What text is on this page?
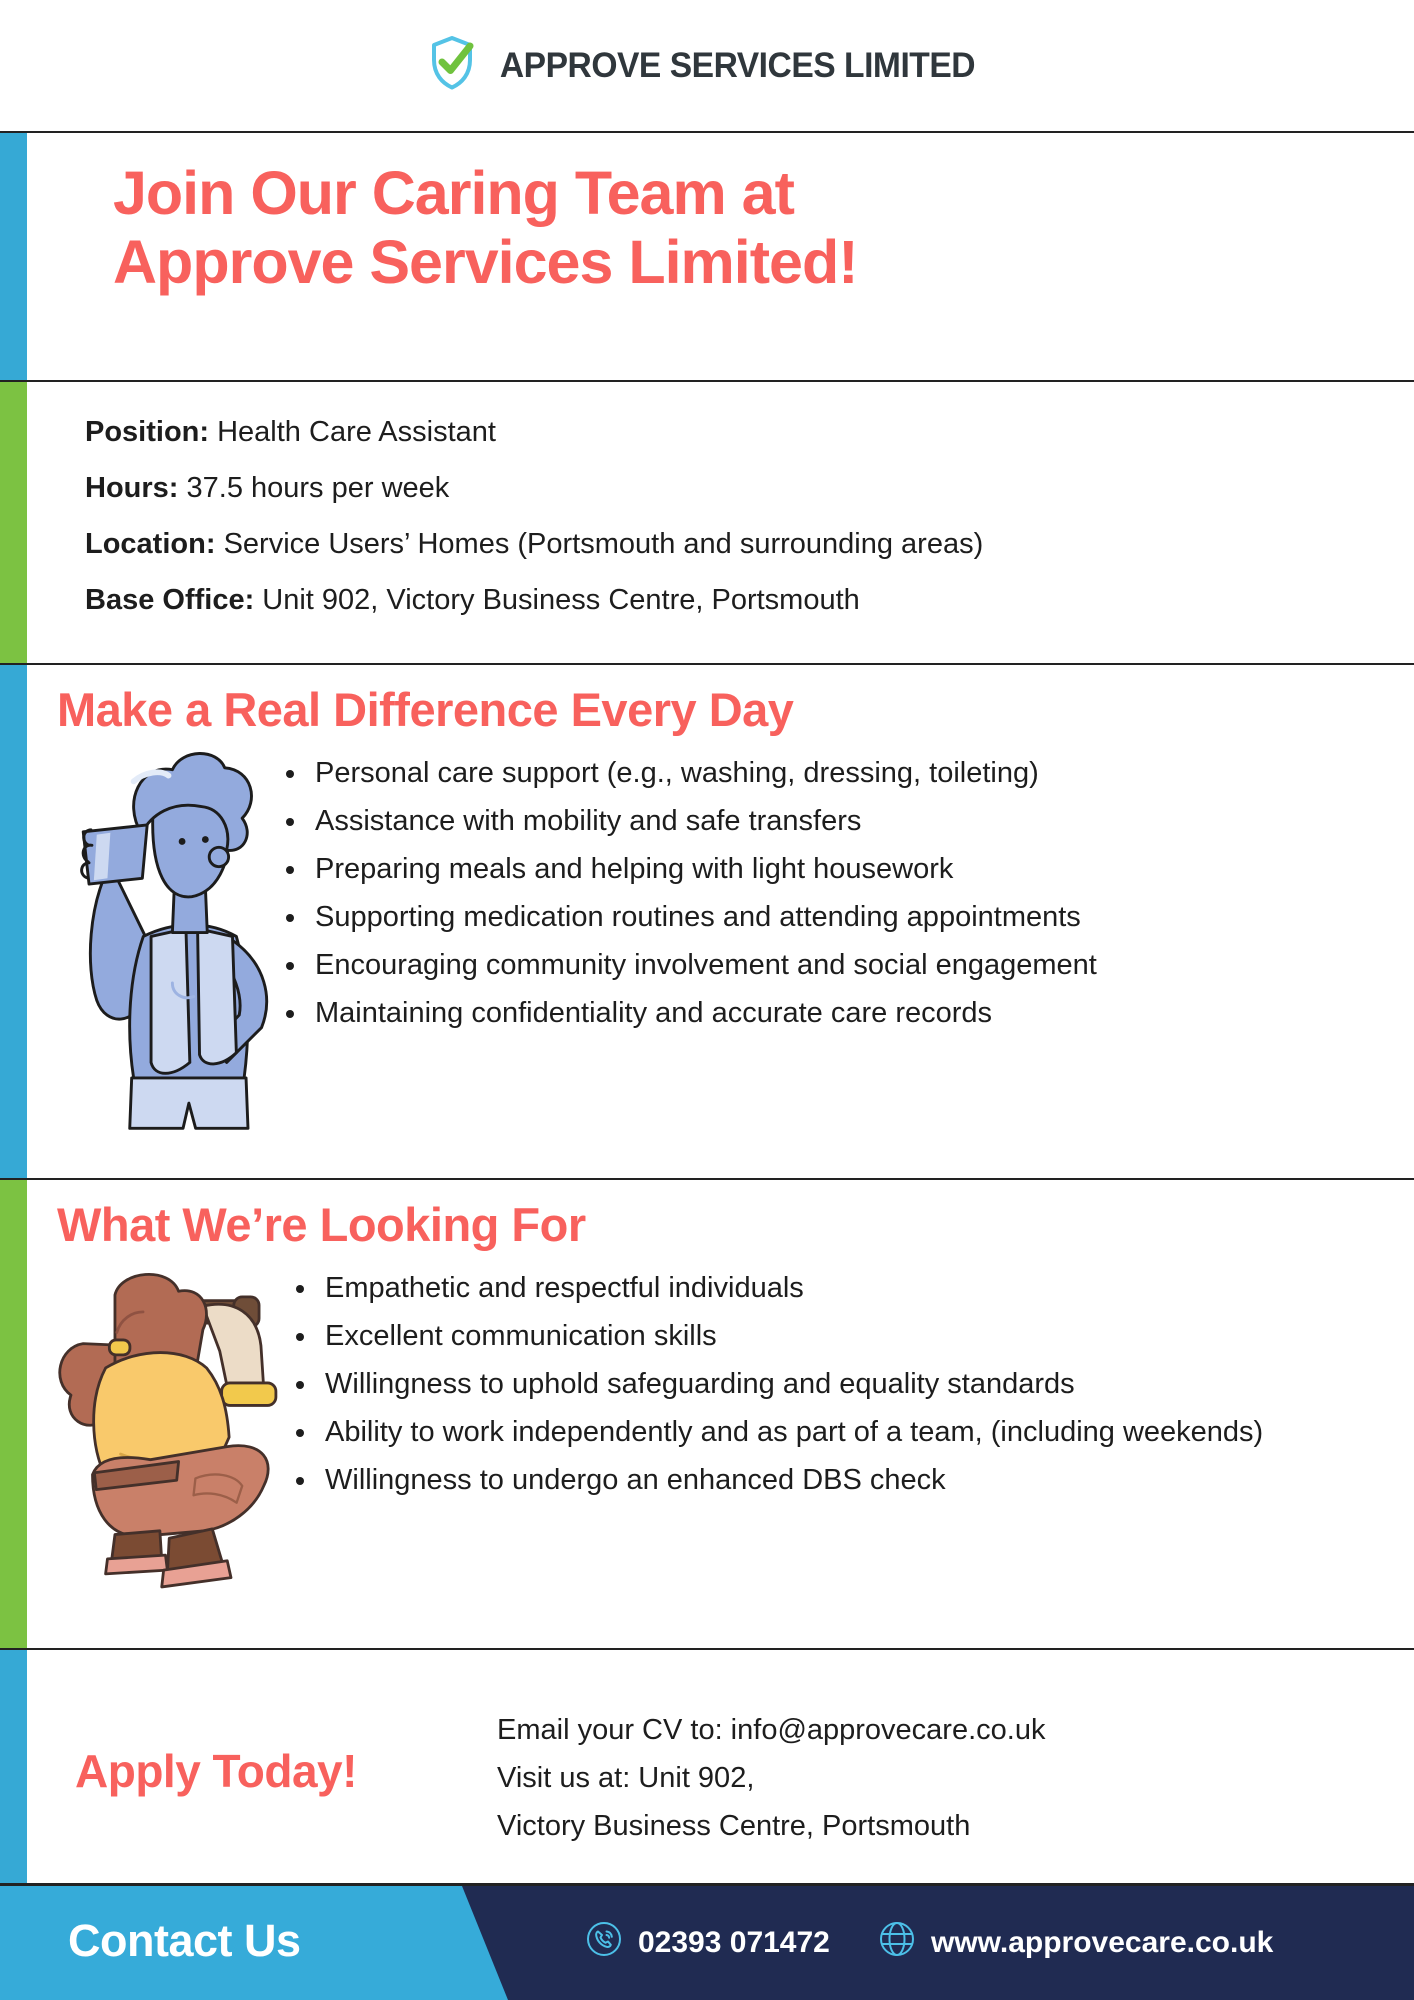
APPROVE SERVICES LIMITED
Join Our Caring Team at
Approve Services Limited!

Position: Health Care Assistant

Hours: 37.5 hours per week

Location: Service Users’ Homes (Portsmouth and surrounding areas)

Base Office: Unit 902, Victory Business Centre, Portsmouth

Make a Real Difference Every Day
• Personal care support (e.g., washing, dressing, toileting)
• Assistance with mobility and safe transfers
• Preparing meals and helping with light housework
• Supporting medication routines and attending appointments
• Encouraging community involvement and social engagement
• Maintaining confidentiality and accurate care records
What We’re Looking For
• Empathetic and respectful individuals
• Excellent communication skills
• Willingness to uphold safeguarding and equality standards
• Ability to work independently and as part of a team, (including weekends)
• Willingness to undergo an enhanced DBS check
Apply Today!

Email your CV to: info@approvecare.co.uk

Visit us at: Unit 902,

Victory Business Centre, Portsmouth

Contact Us	02393 071472	www.approvecare.co.uk
